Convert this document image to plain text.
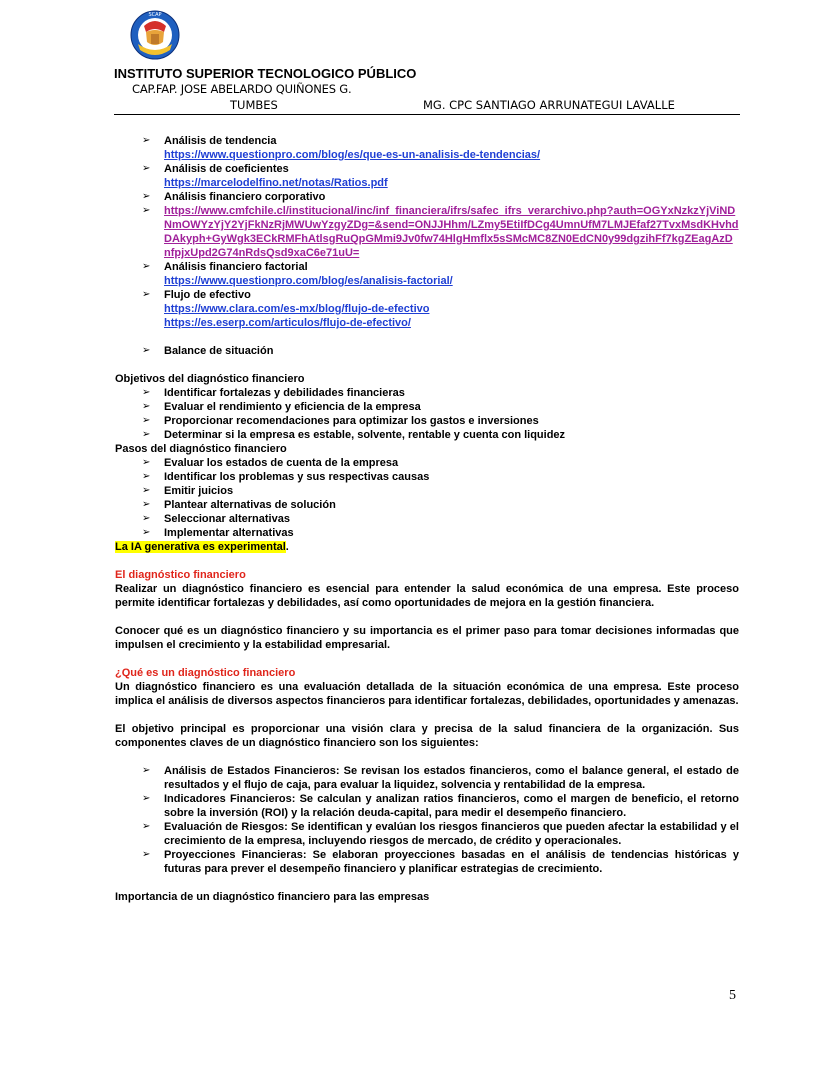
SCAP
INSTITUTO SUPERIOR TECNOLOGICO PÚBLICO
CAP.FAP. JOSE ABELARDO QUIÑONES G.
TUMBES	MG. CPC SANTIAGO ARRUNATEGUI LAVALLE
➢ Análisis de tendencia
https://www.questionpro.com/blog/es/que-es-un-analisis-de-tendencias/
➢ Análisis de coeficientes
https://marcelodelfino.net/notas/Ratios.pdf
➢ Análisis financiero corporativo
➢ https://www.cmfchile.cl/institucional/inc/inf_financiera/ifrs/safec_ifrs_verarchivo.php?auth=OGYxNzkzYjViNDNmOWYzYjY2YjFkNzRjMWUwYzgyZDg=&send=ONJJHhm/LZmy5EtiIfDCg4UmnUfM7LMJEfaf27TvxMsdKHvhdDAkyph+GyWgk3ECkRMFhAtlsgRuQpGMmi9Jv0fw74HlgHmflx5sSMcMC8ZN0EdCN0y99dgzihFf7kgZEagAzDnfpjxUpd2G74nRdsQsd9xaC6e71uU=
➢ Análisis financiero factorial
https://www.questionpro.com/blog/es/analisis-factorial/
➢ Flujo de efectivo
https://www.clara.com/es-mx/blog/flujo-de-efectivo
https://es.eserp.com/articulos/flujo-de-efectivo/
➢ Balance de situación

Objetivos del diagnóstico financiero

➢ Identificar fortalezas y debilidades financieras
➢ Evaluar el rendimiento y eficiencia de la empresa
➢ Proporcionar recomendaciones para optimizar los gastos e inversiones
➢ Determinar si la empresa es estable, solvente, rentable y cuenta con liquidez

Pasos del diagnóstico financiero

➢ Evaluar los estados de cuenta de la empresa
➢ Identificar los problemas y sus respectivas causas
➢ Emitir juicios
➢ Plantear alternativas de solución
➢ Seleccionar alternativas
➢ Implementar alternativas

La IA generativa es experimental.

El diagnóstico financiero

Realizar un diagnóstico financiero es esencial para entender la salud económica de una empresa. Este proceso permite identificar fortalezas y debilidades, así como oportunidades de mejora en la gestión financiera.

Conocer qué es un diagnóstico financiero y su importancia es el primer paso para tomar decisiones informadas que impulsen el crecimiento y la estabilidad empresarial.

¿Qué es un diagnóstico financiero

Un diagnóstico financiero es una evaluación detallada de la situación económica de una empresa. Este proceso implica el análisis de diversos aspectos financieros para identificar fortalezas, debilidades, oportunidades y amenazas.

El objetivo principal es proporcionar una visión clara y precisa de la salud financiera de la organización. Sus componentes claves de un diagnóstico financiero son los siguientes:

➢ Análisis de Estados Financieros: Se revisan los estados financieros, como el balance general, el estado de resultados y el flujo de caja, para evaluar la liquidez, solvencia y rentabilidad de la empresa.
➢ Indicadores Financieros: Se calculan y analizan ratios financieros, como el margen de beneficio, el retorno sobre la inversión (ROI) y la relación deuda-capital, para medir el desempeño financiero.
➢ Evaluación de Riesgos: Se identifican y evalúan los riesgos financieros que pueden afectar la estabilidad y el crecimiento de la empresa, incluyendo riesgos de mercado, de crédito y operacionales.
➢ Proyecciones Financieras: Se elaboran proyecciones basadas en el análisis de tendencias históricas y futuras para prever el desempeño financiero y planificar estrategias de crecimiento.

Importancia de un diagnóstico financiero para las empresas

5
